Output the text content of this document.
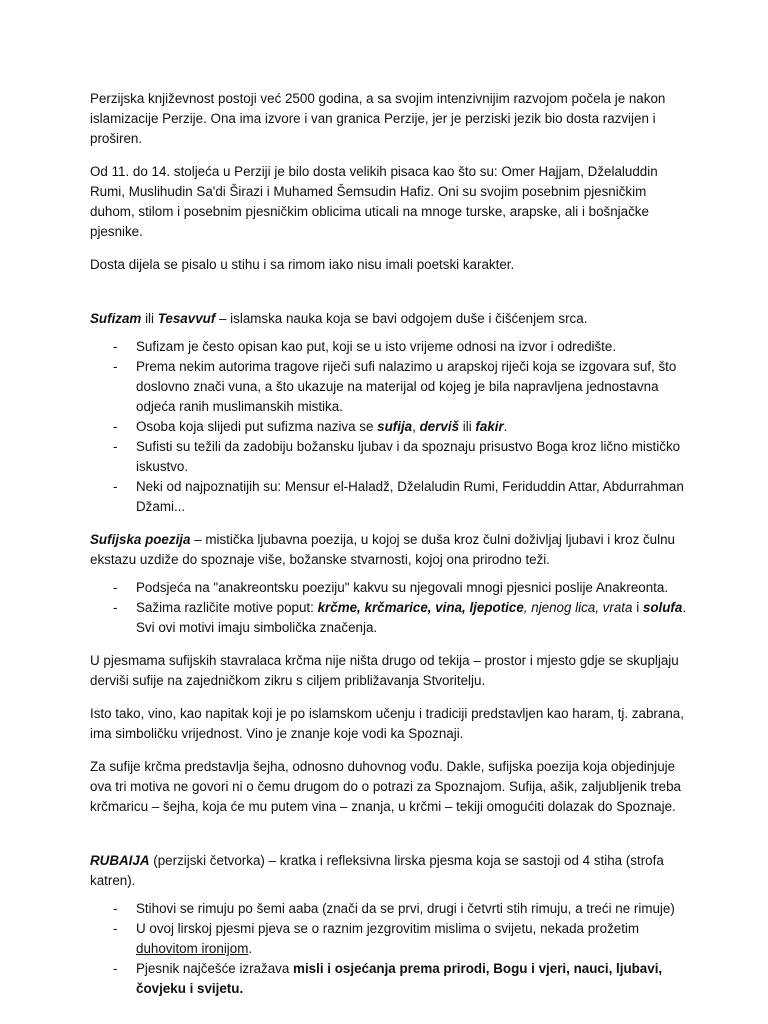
Perzijska književnost postoji već 2500 godina, a sa svojim intenzivnijim razvojom počela je nakon islamizacije Perzije. Ona ima izvore i van granica Perzije, jer je perziski jezik bio dosta razvijen i proširen.

Od 11. do 14. stoljeća u Perziji je bilo dosta velikih pisaca kao što su: Omer Hajjam, Dželaluddin Rumi, Muslihudin Sa'di Širazi i Muhamed Šemsudin Hafiz. Oni su svojim posebnim pjesničkim duhom, stilom i posebnim pjesničkim oblicima uticali na mnoge turske, arapske, ali i bošnjačke pjesnike.

Dosta dijela se pisalo u stihu i sa rimom iako nisu imali poetski karakter.

Sufizam ili Tesavvuf – islamska nauka koja se bavi odgojem duše i čišćenjem srca.

- Sufizam je često opisan kao put, koji se u isto vrijeme odnosi na izvor i odredište.
- Prema nekim autorima tragove riječi sufi nalazimo u arapskoj riječi koja se izgovara suf, što doslovno znači vuna, a što ukazuje na materijal od kojeg je bila napravljena jednostavna odjeća ranih muslimanskih mistika.
- Osoba koja slijedi put sufizma naziva se sufija, derviš ili fakir.
- Sufisti su težili da zadobiju božansku ljubav i da spoznaju prisustvo Boga kroz lično mističko iskustvo.
- Neki od najpoznatijih su: Mensur el-Haladž, Dželaludin Rumi, Feriduddin Attar, Abdurrahman Džami...

Sufijska poezija – mistička ljubavna poezija, u kojoj se duša kroz čulni doživljaj ljubavi i kroz čulnu ekstazu uzdiže do spoznaje više, božanske stvarnosti, kojoj ona prirodno teži.

- Podsjeća na "anakreontsku poeziju" kakvu su njegovali mnogi pjesnici poslije Anakreonta.
- Sažima različite motive poput: krčme, krčmarice, vina, ljepotice, njenog lica, vrata i solufa. Svi ovi motivi imaju simbolička značenja.

U pjesmama sufijskih stavralaca krčma nije ništa drugo od tekija – prostor i mjesto gdje se skupljaju derviši sufije na zajedničkom zikru s ciljem približavanja Stvoritelju.

Isto tako, vino, kao napitak koji je po islamskom učenju i tradiciji predstavljen kao haram, tj. zabrana, ima simboličku vrijednost. Vino je znanje koje vodi ka Spoznaji.

Za sufije krčma predstavlja šejha, odnosno duhovnog vođu. Dakle, sufijska poezija koja objedinjuje ova tri motiva ne govori ni o čemu drugom do o potrazi za Spoznajom. Sufija, ašik, zaljubljenik treba krčmaricu – šejha, koja će mu putem vina – znanja, u krčmi – tekiji omogućiti dolazak do Spoznaje.

RUBAIJA (perzijski četvorka) – kratka i refleksivna lirska pjesma koja se sastoji od 4 stiha (strofa katren).

- Stihovi se rimuju po šemi aaba (znači da se prvi, drugi i četvrti stih rimuju, a treći ne rimuje)
- U ovoj lirskoj pjesmi pjeva se o raznim jezgrovitim mislima o svijetu, nekada prožetim duhovitom ironijom.
- Pjesnik najčešće izražava misli i osjećanja prema prirodi, Bogu i vjeri, nauci, ljubavi, čovjeku i svijetu.
